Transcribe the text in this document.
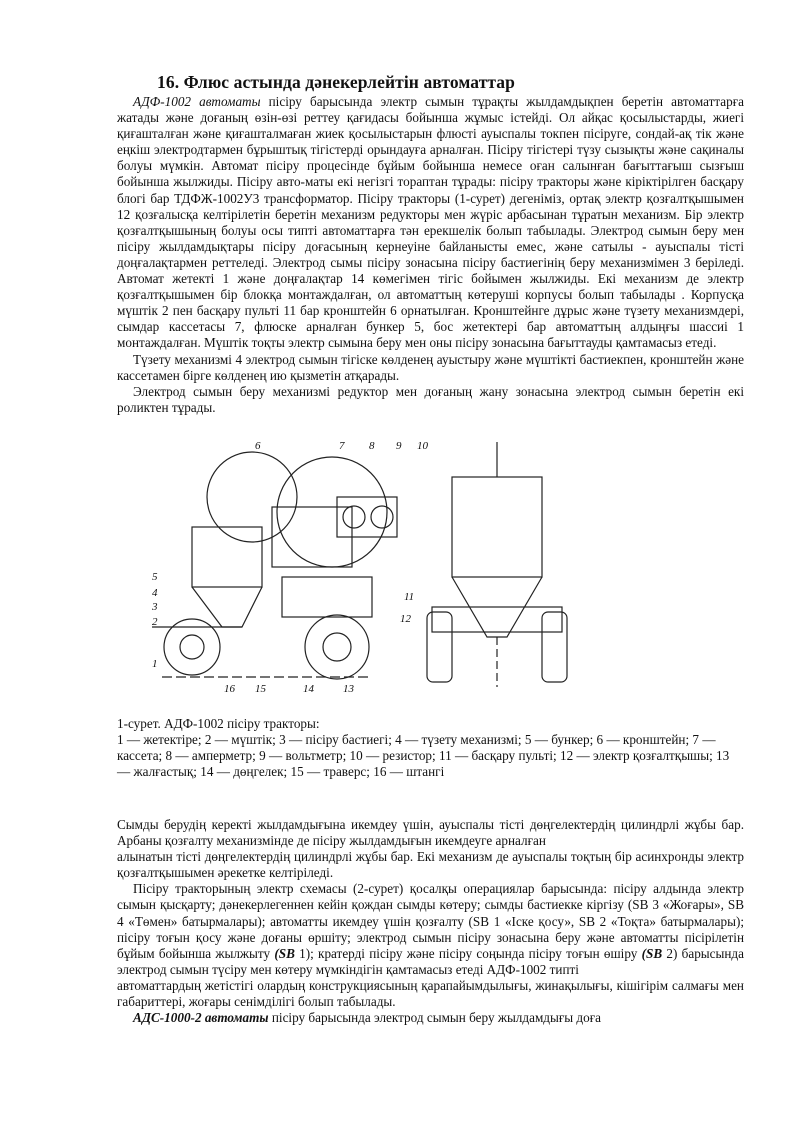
16. Флюс астында дәнекерлейтін автоматтар

АДФ-1002 автоматы пісіру барысында электр сымын тұрақты жылдамдықпен беретін автоматтарға жатады және доғаның өзін-өзі реттеу қағидасы бойынша жұмыс істейді. Ол айқас қосылыстарды, жиегі қиғашталған және қиғашталмаған жиек қосылыстарын флюсті ауыспалы токпен пісіруге, сондай-ақ тік және еңкіш электродтармен бұрыштық тігістерді орындауға арналған. Пісіру тігістері түзу сызықты және сақиналы болуы мүмкін. Автомат пісіру процесінде бұйым бойынша немесе оған салынған бағыттағыш сызғыш бойынша жылжиды. Пісіру авто-маты екі негізгі тораптан тұрады: пісіру тракторы және кіріктірілген басқару блогі бар ТДФЖ-1002У3 трансформатор. Пісіру тракторы (1-сурет) дегеніміз, ортақ электр қозғалтқышымен 12 қозғалысқа келтірілетін беретін механизм редукторы мен жүріс арбасынан тұратын механизм. Бір электр қозғалтқышының болуы осы типті автоматтарға тән ерекшелік болып табылады. Электрод сымын беру мен пісіру жылдамдықтары пісіру доғасының кернеуіне байланысты емес, және сатылы - ауыспалы тісті доңғалақтармен реттеледі. Электрод сымы пісіру зонасына пісіру бастиегінің беру механизмімен 3 беріледі. Автомат жетекті 1 және доңғалақтар 14 көмегімен тігіс бойымен жылжиды. Екі механизм де электр қозғалтқышымен бір блокқа монтаждалған, ол автоматтың көтеруші корпусы болып табылады . Корпусқа мүштік 2 пен басқару пульті 11 бар кронштейн 6 орнатылған. Кронштейнге дұрыс және түзету механизмдері, сымдар кассетасы 7, флюске арналған бункер 5, бос жетектері бар автоматтың алдыңғы шассиі 1 монтаждалған. Мүштік тоқты электр сымына беру мен оны пісіру зонасына бағыттауды қамтамасыз етеді.

Түзету механизмі 4 электрод сымын тігіске көлденең ауыстыру және мүштікті бастиекпен, кронштейн және кассетамен бірге көлденең ию қызметін атқарады.

Электрод сымын беру механизмі редуктор мен доғаның жану зонасына электрод сымын беретін екі роликтен тұрады.

6	7 8 9 10
11
12
5
4
3
2
1
16 15	14	13
1-сурет. АДФ-1002 пісіру тракторы:
1 — жетектіре; 2 — мүштік; 3 — пісіру бастиегі; 4 — түзету механизмі; 5 — бункер; 6 — кронштейн; 7 — кассета; 8 — амперметр; 9 — вольтметр; 10 — резистор; 11 — басқару пульті; 12 — электр қозғалтқышы; 13 — жалғастық; 14 — дөңгелек; 15 — траверс; 16 — штангі

Сымды берудің керекті жылдамдығына икемдеу үшін, ауыспалы тісті дөңгелектердің цилиндрлі жұбы бар. Арбаны қозғалту механизмінде де пісіру жылдамдығын икемдеуге арналған

алынатын тісті дөңгелектердің цилиндрлі жұбы бар. Екі механизм де ауыспалы тоқтың бір асинхронды электр қозғалтқышымен әрекетке келтіріледі.

Пісіру тракторының электр схемасы (2-сурет) қосалқы операциялар барысында: пісіру алдында электр сымын қысқарту; дәнекерлегеннен кейін қождан сымды көтеру; сымды бастиекке кіргізу (SB 3 «Жоғары», SB 4 «Төмен» батырмалары); автоматты икемдеу үшін қозғалту (SB 1 «Іске қосу», SB 2 «Тоқта» батырмалары); пісіру тоғын қосу және доғаны өршіту; электрод сымын пісіру зонасына беру және автоматты пісірілетін бұйым бойынша жылжыту (SB 1); кратерді пісіру және пісіру соңында пісіру тоғын өшіру (SB 2) барысында электрод сымын түсіру мен көтеру мүмкіндігін қамтамасыз етеді АДФ-1002 типті

автоматтардың жетістігі олардың конструкциясының қарапайымдылығы, жинақылығы, кішігірім салмағы мен габариттері, жоғары сенімділігі болып табылады.

АДС-1000-2 автоматы пісіру барысында электрод сымын беру жылдамдығы доға
